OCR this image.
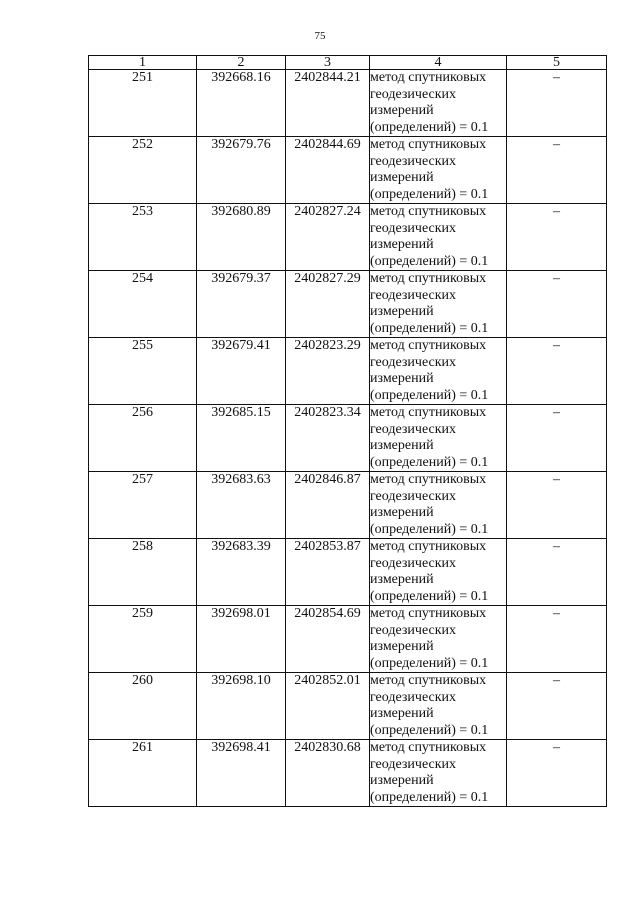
75
1	2	3	4	5
251	392668.16	2402844.21	метод спутниковых
геодезических
измерений
(определений) = 0.1	–
252	392679.76	2402844.69	метод спутниковых
геодезических
измерений
(определений) = 0.1	–
253	392680.89	2402827.24	метод спутниковых
геодезических
измерений
(определений) = 0.1	–
254	392679.37	2402827.29	метод спутниковых
геодезических
измерений
(определений) = 0.1	–
255	392679.41	2402823.29	метод спутниковых
геодезических
измерений
(определений) = 0.1	–
256	392685.15	2402823.34	метод спутниковых
геодезических
измерений
(определений) = 0.1	–
257	392683.63	2402846.87	метод спутниковых
геодезических
измерений
(определений) = 0.1	–
258	392683.39	2402853.87	метод спутниковых
геодезических
измерений
(определений) = 0.1	–
259	392698.01	2402854.69	метод спутниковых
геодезических
измерений
(определений) = 0.1	–
260	392698.10	2402852.01	метод спутниковых
геодезических
измерений
(определений) = 0.1	–
261	392698.41	2402830.68	метод спутниковых
геодезических
измерений
(определений) = 0.1	–
